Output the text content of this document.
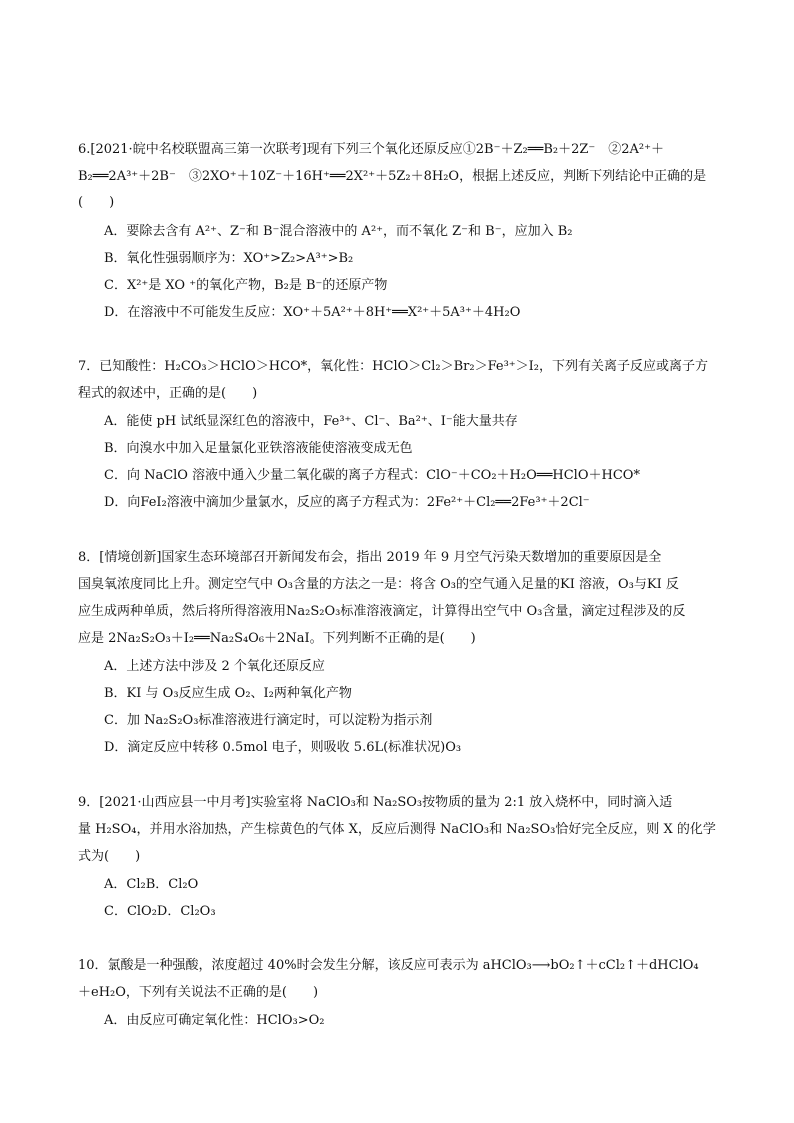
6.[2021·皖中名校联盟高三第一次联考]现有下列三个氧化还原反应①2B⁻＋Z₂══B₂＋2Z⁻　②2A²⁺＋
B₂══2A³⁺＋2B⁻　③2XO⁺＋10Z⁻＋16H⁺══2X²⁺＋5Z₂＋8H₂O，根据上述反应，判断下列结论中正确的是
(　　)
A．要除去含有 A²⁺、Z⁻和 B⁻混合溶液中的 A²⁺，而不氧化 Z⁻和 B⁻，应加入 B₂
B．氧化性强弱顺序为：XO⁺>Z₂>A³⁺>B₂
C．X²⁺是 XO ⁺的氧化产物，B₂是 B⁻的还原产物
D．在溶液中不可能发生反应：XO⁺＋5A²⁺＋8H⁺══X²⁺＋5A³⁺＋4H₂O
7．已知酸性：H₂CO₃＞HClO＞HCO*，氧化性：HClO＞Cl₂＞Br₂＞Fe³⁺＞I₂，下列有关离子反应或离子方
程式的叙述中，正确的是(　　)
A．能使 pH 试纸显深红色的溶液中，Fe³⁺、Cl⁻、Ba²⁺、I⁻能大量共存
B．向溴水中加入足量氯化亚铁溶液能使溶液变成无色
C．向 NaClO 溶液中通入少量二氧化碳的离子方程式：ClO⁻＋CO₂＋H₂O══HClO＋HCO*
D．向FeI₂溶液中滴加少量氯水，反应的离子方程式为：2Fe²⁺＋Cl₂══2Fe³⁺＋2Cl⁻
8．[情境创新]国家生态环境部召开新闻发布会，指出 2019 年 9 月空气污染天数增加的重要原因是全
国臭氧浓度同比上升。测定空气中 O₃含量的方法之一是：将含 O₃的空气通入足量的KI 溶液，O₃与KI 反
应生成两种单质，然后将所得溶液用Na₂S₂O₃标准溶液滴定，计算得出空气中 O₃含量，滴定过程涉及的反
应是 2Na₂S₂O₃＋I₂══Na₂S₄O₆＋2NaI。下列判断不正确的是(　　)
A．上述方法中涉及 2 个氧化还原反应
B．KI 与 O₃反应生成 O₂、I₂两种氧化产物
C．加 Na₂S₂O₃标准溶液进行滴定时，可以淀粉为指示剂
D．滴定反应中转移 0.5mol 电子，则吸收 5.6L(标准状况)O₃
9．[2021·山西应县一中月考]实验室将 NaClO₃和 Na₂SO₃按物质的量为 2:1 放入烧杯中，同时滴入适
量 H₂SO₄，并用水浴加热，产生棕黄色的气体 X，反应后测得 NaClO₃和 Na₂SO₃恰好完全反应，则 X 的化学
式为(　　)
A．Cl₂B．Cl₂O
C．ClO₂D．Cl₂O₃
10．氯酸是一种强酸，浓度超过 40%时会发生分解，该反应可表示为 aHClO₃⟶bO₂↑＋cCl₂↑＋dHClO₄
＋eH₂O，下列有关说法不正确的是(　　)
A．由反应可确定氧化性：HClO₃>O₂
